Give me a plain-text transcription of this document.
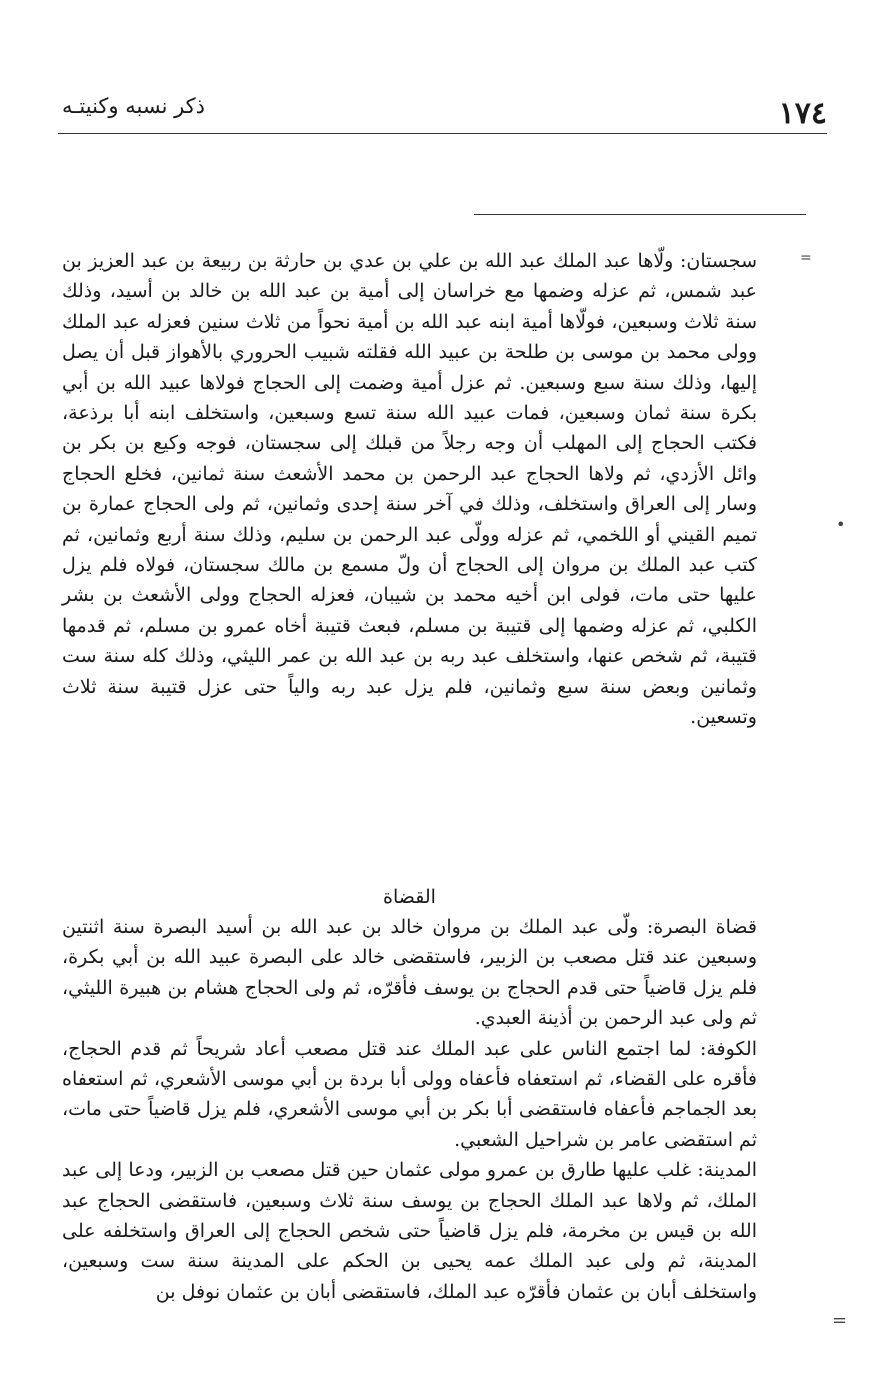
١٧٤
ذكر نسبه وكنيتـه
=
•
=

سجستان: ولّاها عبد الملك عبد الله بن علي بن عدي بن حارثة بن ربيعة بن عبد العزيز بن عبد شمس، ثم عزله وضمها مع خراسان إلى أمية بن عبد الله بن خالد بن أسيد، وذلك سنة ثلاث وسبعين، فولّاها أمية ابنه عبد الله بن أمية نحواً من ثلاث سنين فعزله عبد الملك وولى محمد بن موسى بن طلحة بن عبيد الله فقلته شبيب الحروري بالأهواز قبل أن يصل إليها، وذلك سنة سبع وسبعين. ثم عزل أمية وضمت إلى الحجاج فولاها عبيد الله بن أبي بكرة سنة ثمان وسبعين، فمات عبيد الله سنة تسع وسبعين، واستخلف ابنه أبا برذعة، فكتب الحجاج إلى المهلب أن وجه رجلاً من قبلك إلى سجستان، فوجه وكيع بن بكر بن وائل الأزدي، ثم ولاها الحجاج عبد الرحمن بن محمد الأشعث سنة ثمانين، فخلع الحجاج وسار إلى العراق واستخلف، وذلك في آخر سنة إحدى وثمانين، ثم ولى الحجاج عمارة بن تميم القيني أو اللخمي، ثم عزله وولّى عبد الرحمن بن سليم، وذلك سنة أربع وثمانين، ثم كتب عبد الملك بن مروان إلى الحجاج أن ولّ مسمع بن مالك سجستان، فولاه فلم يزل عليها حتى مات، فولى ابن أخيه محمد بن شيبان، فعزله الحجاج وولى الأشعث بن بشر الكلبي، ثم عزله وضمها إلى قتيبة بن مسلم، فبعث قتيبة أخاه عمرو بن مسلم، ثم قدمها قتيبة، ثم شخص عنها، واستخلف عبد ربه بن عبد الله بن عمر الليثي، وذلك كله سنة ست وثمانين وبعض سنة سبع وثمانين، فلم يزل عبد ربه والياً حتى عزل قتيبة سنة ثلاث وتسعين.

القضاة

قضاة البصرة: ولّى عبد الملك بن مروان خالد بن عبد الله بن أسيد البصرة سنة اثنتين وسبعين عند قتل مصعب بن الزبير، فاستقضى خالد على البصرة عبيد الله بن أبي بكرة، فلم يزل قاضياً حتى قدم الحجاج بن يوسف فأقرّه، ثم ولى الحجاج هشام بن هبيرة الليثي، ثم ولى عبد الرحمن بن أذينة العبدي.

الكوفة: لما اجتمع الناس على عبد الملك عند قتل مصعب أعاد شريحاً ثم قدم الحجاج، فأقره على القضاء، ثم استعفاه فأعفاه وولى أبا بردة بن أبي موسى الأشعري، ثم استعفاه بعد الجماجم فأعفاه فاستقضى أبا بكر بن أبي موسى الأشعري، فلم يزل قاضياً حتى مات، ثم استقضى عامر بن شراحيل الشعبي.

المدينة: غلب عليها طارق بن عمرو مولى عثمان حين قتل مصعب بن الزبير، ودعا إلى عبد الملك، ثم ولاها عبد الملك الحجاج بن يوسف سنة ثلاث وسبعين، فاستقضى الحجاج عبد الله بن قيس بن مخرمة، فلم يزل قاضياً حتى شخص الحجاج إلى العراق واستخلفه على المدينة، ثم ولى عبد الملك عمه يحيى بن الحكم على المدينة سنة ست وسبعين، واستخلف أبان بن عثمان فأقرّه عبد الملك، فاستقضى أبان بن عثمان نوفل بن
